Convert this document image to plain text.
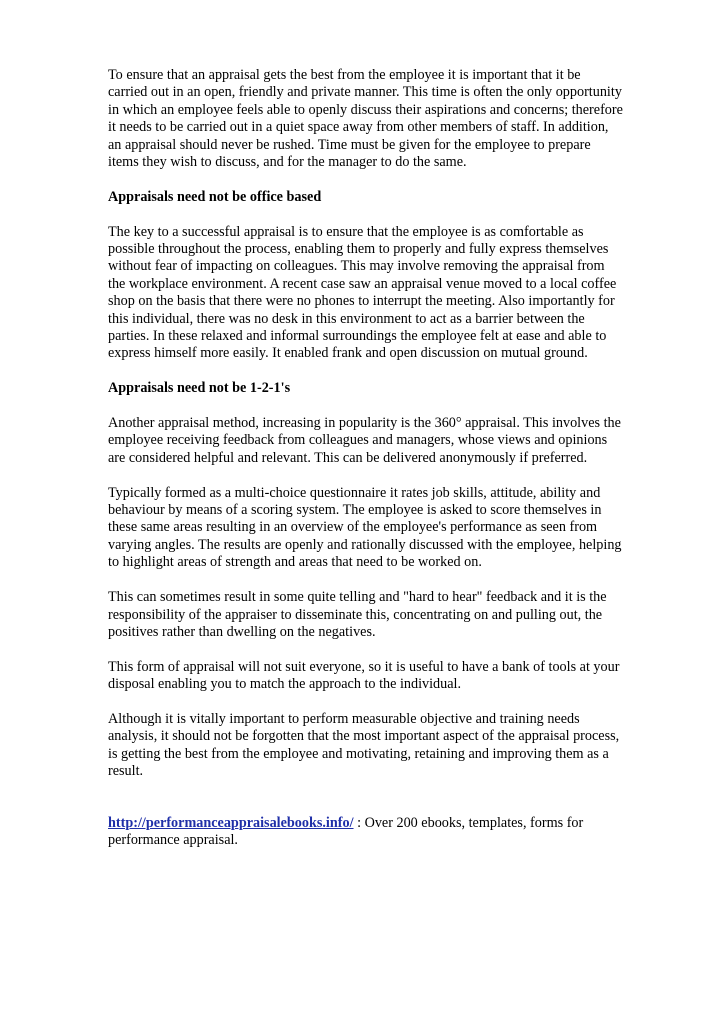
To ensure that an appraisal gets the best from the employee it is important that it be carried out in an open, friendly and private manner. This time is often the only opportunity in which an employee feels able to openly discuss their aspirations and concerns; therefore it needs to be carried out in a quiet space away from other members of staff. In addition, an appraisal should never be rushed. Time must be given for the employee to prepare items they wish to discuss, and for the manager to do the same.

Appraisals need not be office based

The key to a successful appraisal is to ensure that the employee is as comfortable as possible throughout the process, enabling them to properly and fully express themselves without fear of impacting on colleagues. This may involve removing the appraisal from the workplace environment. A recent case saw an appraisal venue moved to a local coffee shop on the basis that there were no phones to interrupt the meeting. Also importantly for this individual, there was no desk in this environment to act as a barrier between the parties. In these relaxed and informal surroundings the employee felt at ease and able to express himself more easily. It enabled frank and open discussion on mutual ground.

Appraisals need not be 1-2-1's

Another appraisal method, increasing in popularity is the 360° appraisal. This involves the employee receiving feedback from colleagues and managers, whose views and opinions are considered helpful and relevant. This can be delivered anonymously if preferred.

Typically formed as a multi-choice questionnaire it rates job skills, attitude, ability and behaviour by means of a scoring system. The employee is asked to score themselves in these same areas resulting in an overview of the employee's performance as seen from varying angles. The results are openly and rationally discussed with the employee, helping to highlight areas of strength and areas that need to be worked on.

This can sometimes result in some quite telling and "hard to hear" feedback and it is the responsibility of the appraiser to disseminate this, concentrating on and pulling out, the positives rather than dwelling on the negatives.

This form of appraisal will not suit everyone, so it is useful to have a bank of tools at your disposal enabling you to match the approach to the individual.

Although it is vitally important to perform measurable objective and training needs analysis, it should not be forgotten that the most important aspect of the appraisal process, is getting the best from the employee and motivating, retaining and improving them as a result.

http://performanceappraisalebooks.info/ : Over 200 ebooks, templates, forms for performance appraisal.
